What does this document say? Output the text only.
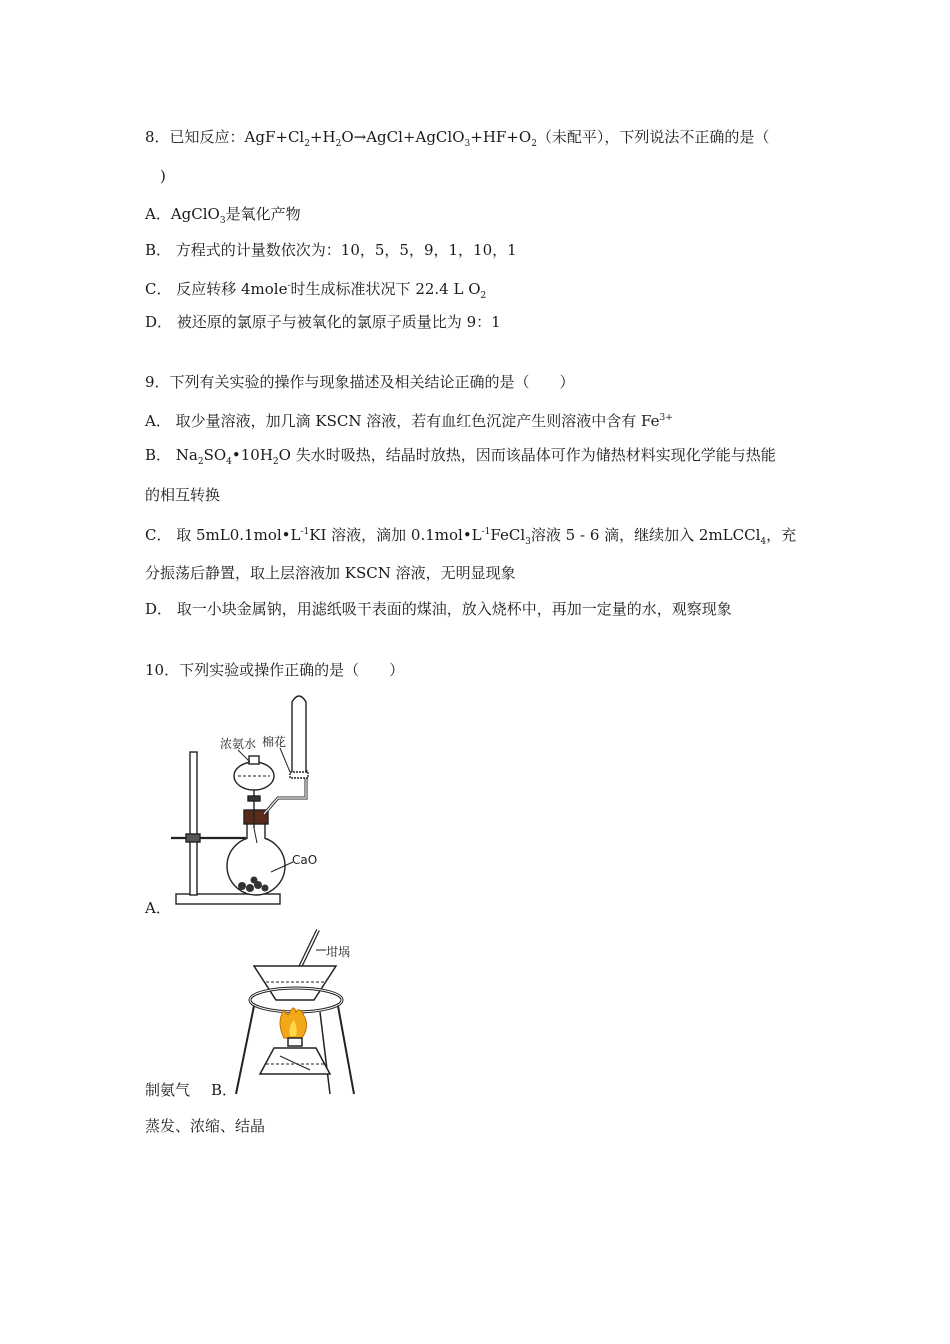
8．已知反应：$AgF+Cl_2+H_2O\to AgCl+AgClO_3+HF+O_2$（未配平），下列说法不正确的是（
)
A．AgClO$_3$是氧化产物
B． 方程式的计量数依次为：10，5，5，9，1，10，1
C． 反应转移 4mole-时生成标准状况下 22.4 L $O_2$
D． 被还原的氯原子与被氧化的氯原子质量比为 9：1
9．下列有关实验的操作与现象描述及相关结论正确的是（　　）
A． 取少量溶液，加几滴 KSCN 溶液，若有血红色沉淀产生则溶液中含有 $Fe^{3+}$
B． $Na_2SO_4•10H_2O$ 失水时吸热，结晶时放热，因而该晶体可作为储热材料实现化学能与热能
的相互转换
C． 取 $5mL0.1mol•L^{-1}KI$ 溶液，滴加 $0.1mol•L^{-1}FeCl_3$溶液 5 - 6 滴，继续加入 2mLCCl$_4$，充
分振荡后静置，取上层溶液加 KSCN 溶液，无明显现象
D． 取一小块金属钠，用滤纸吸干表面的煤油，放入烧杯中，再加一定量的水，观察现象
10．下列实验或操作正确的是（　　）
CaO
浓氨水 棉花
A．
坩埚
制氨气 B．
蒸发、浓缩、结晶
